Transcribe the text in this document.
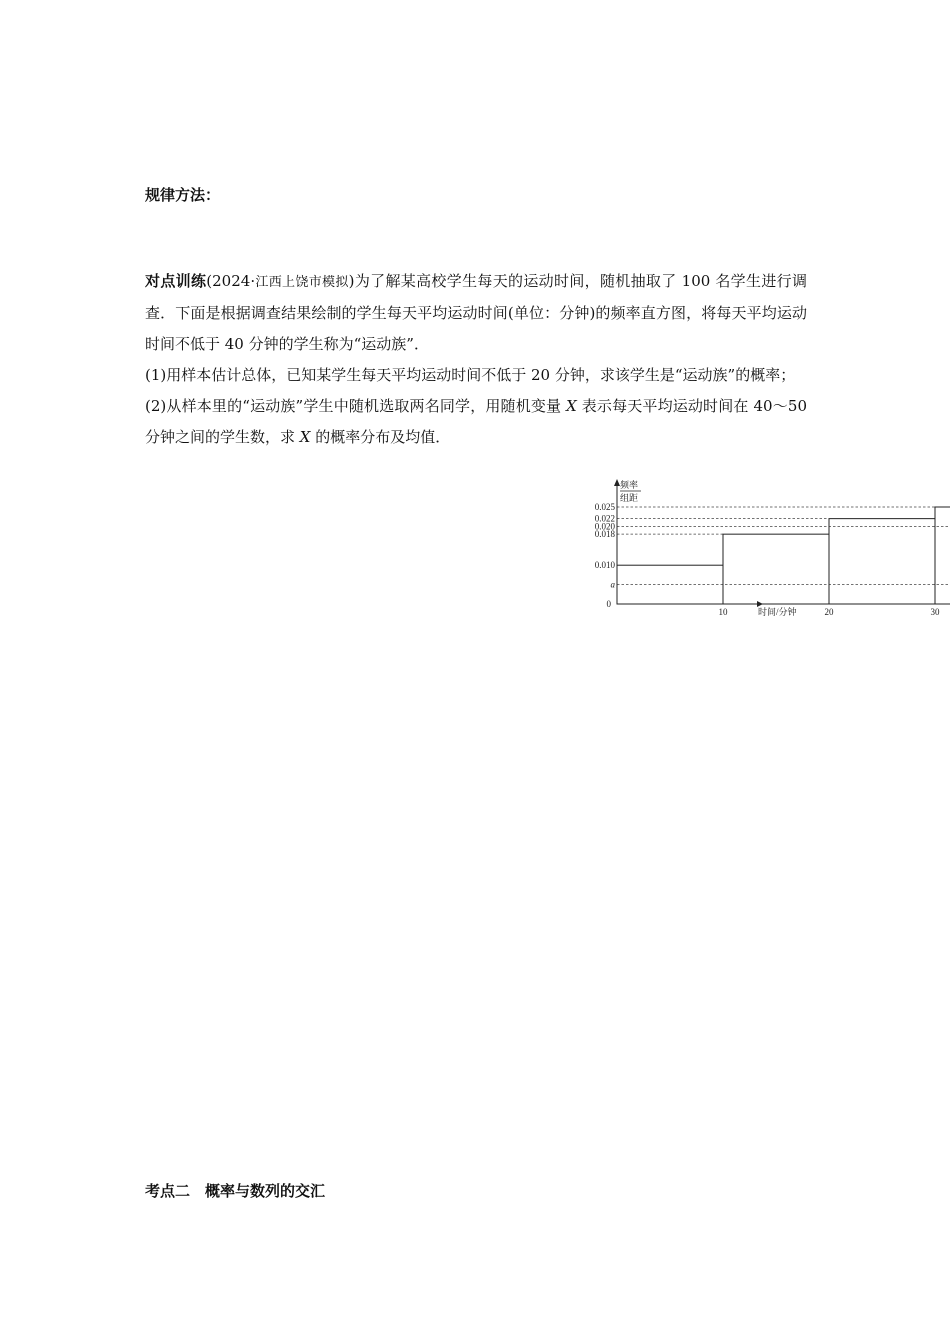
规律方法：

对点训练(2024·江西上饶市模拟)为了解某高校学生每天的运动时间，随机抽取了 100 名学生进行调查．下面是根据调查结果绘制的学生每天平均运动时间(单位：分钟)的频率直方图，将每天平均运动时间不低于 40 分钟的学生称为“运动族”．

(1)用样本估计总体，已知某学生每天平均运动时间不低于 20 分钟，求该学生是“运动族”的概率；

(2)从样本里的“运动族”学生中随机选取两名同学，用随机变量 X 表示每天平均运动时间在 40～50 分钟之间的学生数，求 X 的概率分布及均值．

0.025
0.022
0.020
0.018
0.010
a
10	20	30
0
时间/分钟
频率
组距
考点二　概率与数列的交汇
